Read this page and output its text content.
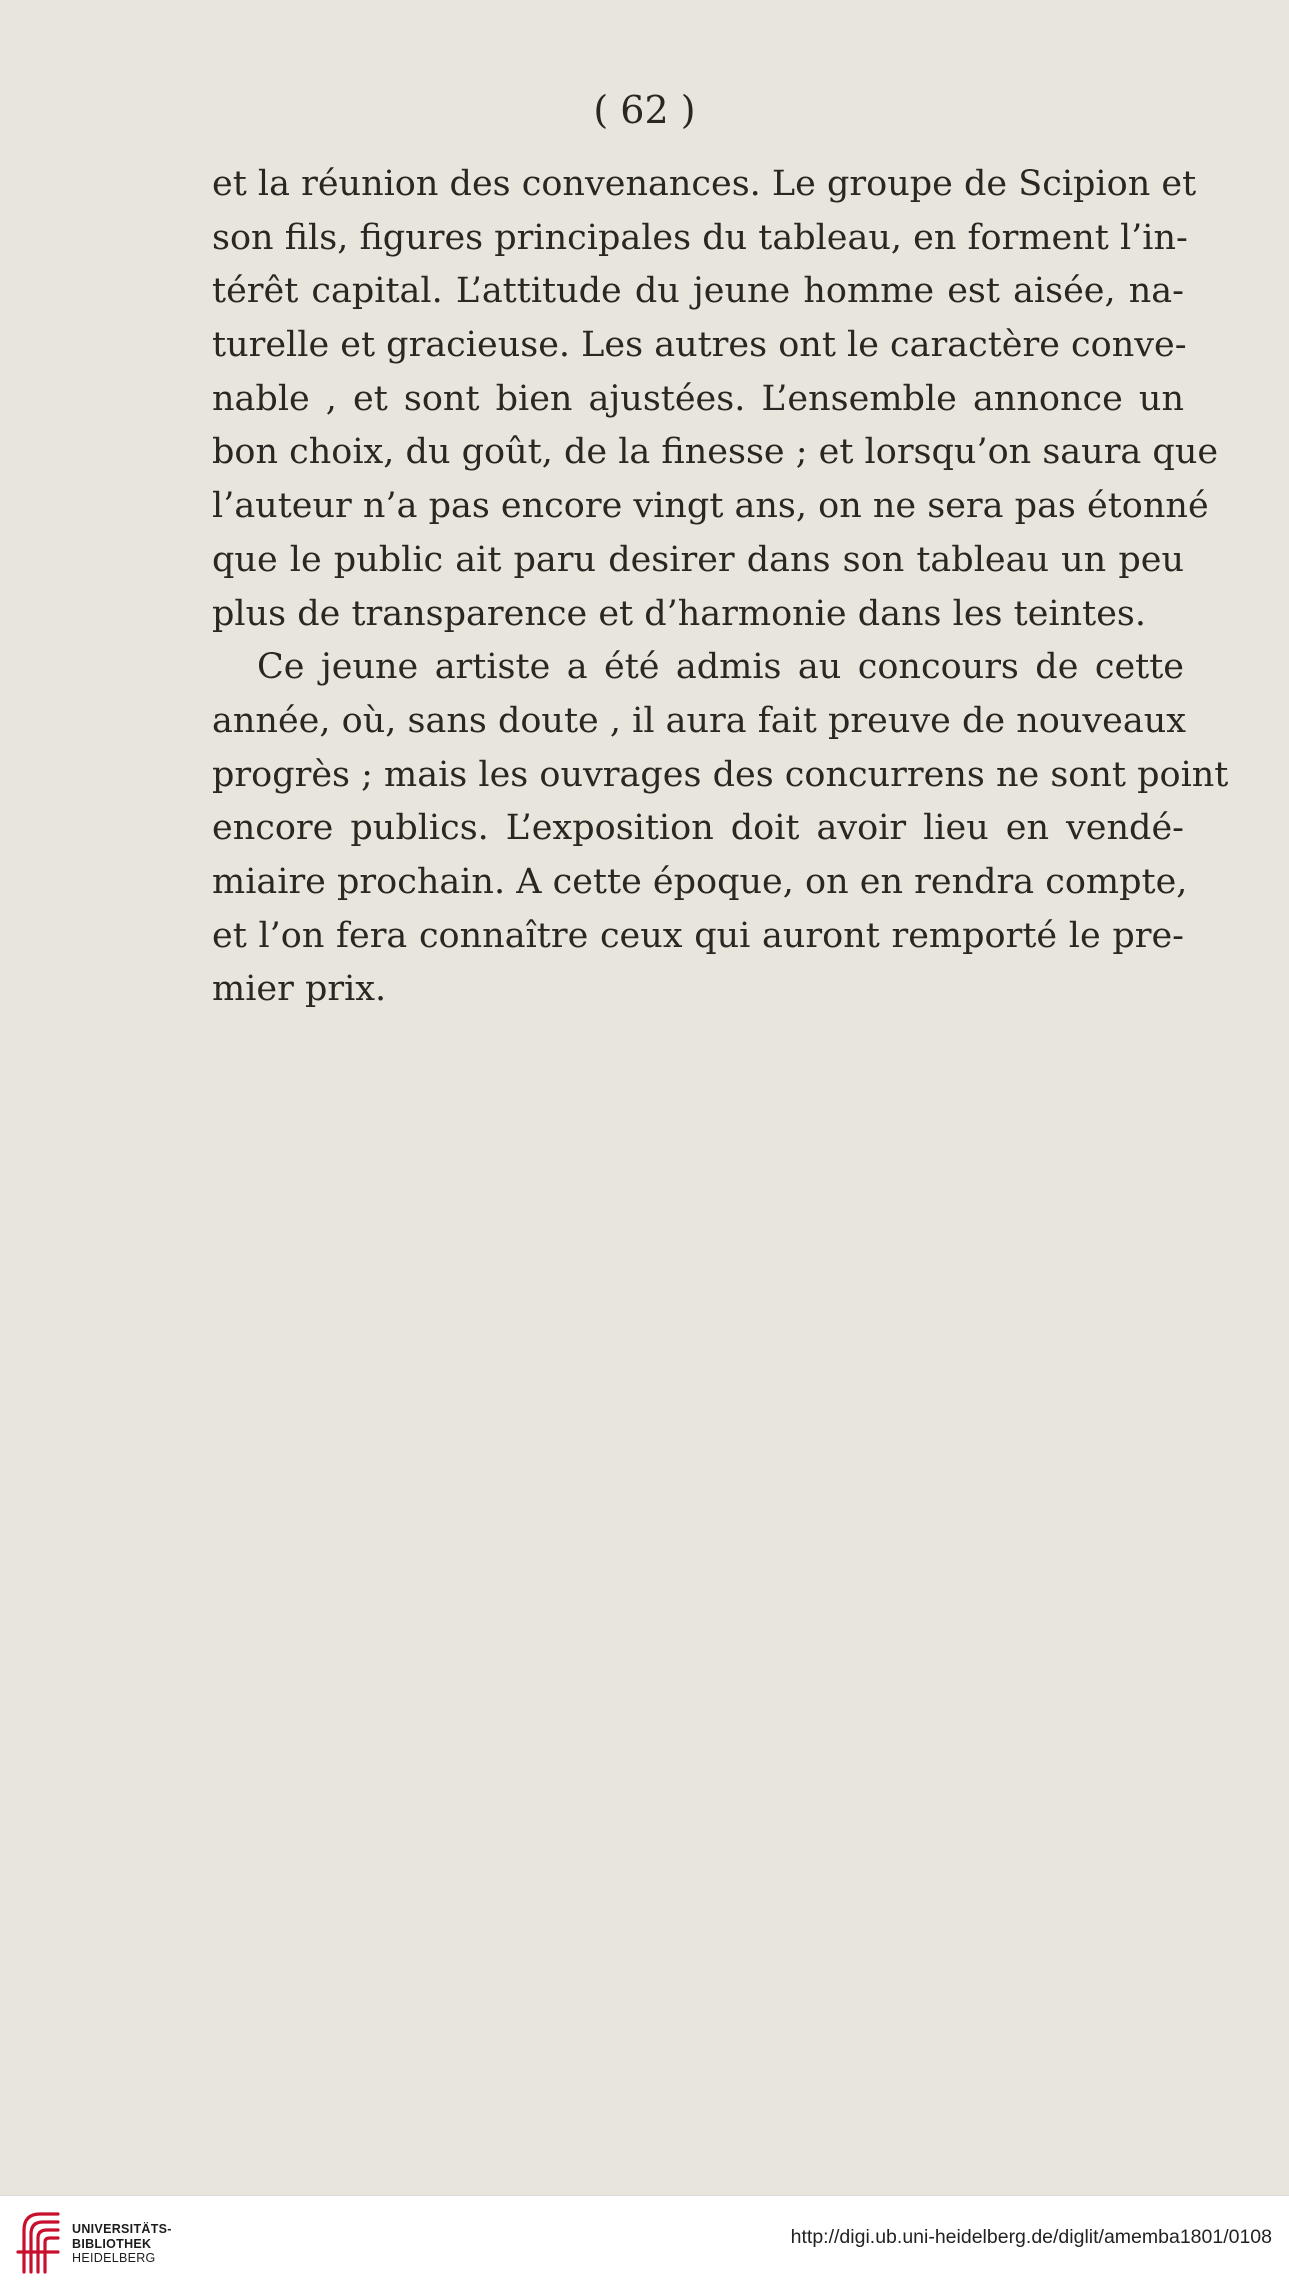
( 62 )
et la réunion des convenances. Le groupe de Scipion et
son fils, figures principales du tableau, en forment l’in-
térêt capital. L’attitude du jeune homme est aisée, na-
turelle et gracieuse. Les autres ont le caractère conve-
nable , et sont bien ajustées. L’ensemble annonce un
bon choix, du goût, de la finesse ; et lorsqu’on saura que
l’auteur n’a pas encore vingt ans, on ne sera pas étonné
que le public ait paru desirer dans son tableau un peu
plus de transparence et d’harmonie dans les teintes.
Ce jeune artiste a été admis au concours de cette
année, où, sans doute , il aura fait preuve de nouveaux
progrès ; mais les ouvrages des concurrens ne sont point
encore publics. L’exposition doit avoir lieu en vendé-
miaire prochain. A cette époque, on en rendra compte,
et l’on fera connaître ceux qui auront remporté le pre-
mier prix.
UNIVERSITÄTS-
BIBLIOTHEK
HEIDELBERG
http://digi.ub.uni-heidelberg.de/diglit/amemba1801/0108
